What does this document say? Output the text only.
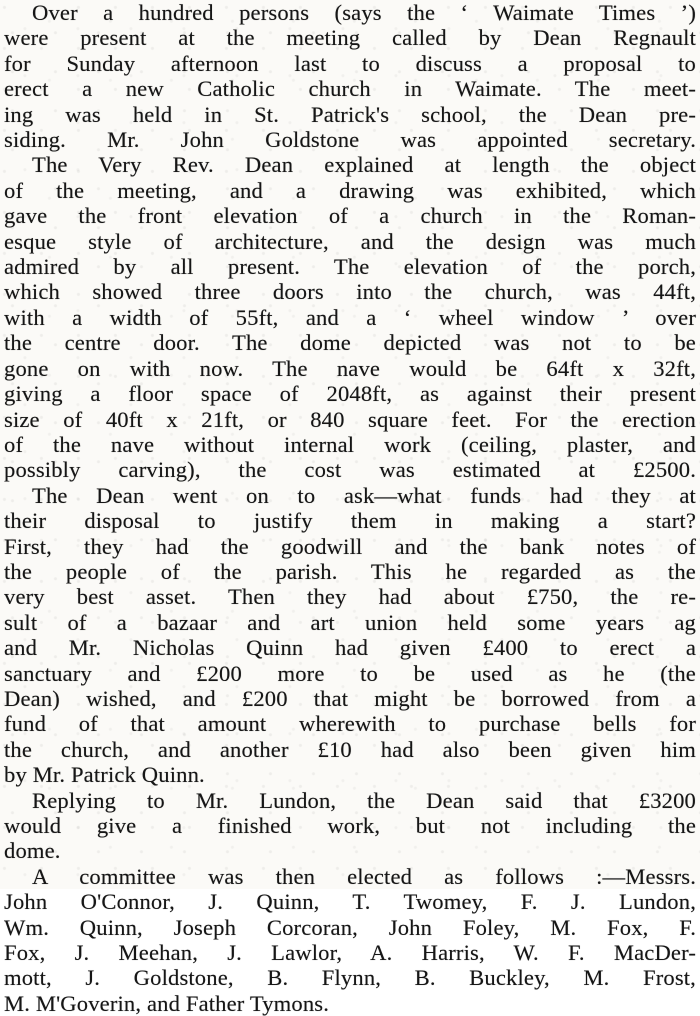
Over a hundred persons (says the ‘ Waimate Times ’)
were present at the meeting called by Dean Regnault
for Sunday afternoon last to discuss a proposal to
erect a new Catholic church in Waimate. The meet-
ing was held in St. Patrick's school, the Dean pre-
siding. Mr. John Goldstone was appointed secretary.

The Very Rev. Dean explained at length the object
of the meeting, and a drawing was exhibited, which
gave the front elevation of a church in the Roman-
esque style of architecture, and the design was much
admired by all present. The elevation of the porch,
which showed three doors into the church, was 44ft,
with a width of 55ft, and a ‘ wheel window ’ over
the centre door. The dome depicted was not to be
gone on with now. The nave would be 64ft x 32ft,
giving a floor space of 2048ft, as against their present
size of 40ft x 21ft, or 840 square feet. For the erection
of the nave without internal work (ceiling, plaster, and
possibly carving), the cost was estimated at £2500.

The Dean went on to ask—what funds had they at
their disposal to justify them in making a start?
First, they had the goodwill and the bank notes of
the people of the parish. This he regarded as the
very best asset. Then they had about £750, the re-
sult of a bazaar and art union held some years ag
and Mr. Nicholas Quinn had given £400 to erect a
sanctuary and £200 more to be used as he (the
Dean) wished, and £200 that might be borrowed from a
fund of that amount wherewith to purchase bells for
the church, and another £10 had also been given him
by Mr. Patrick Quinn.

Replying to Mr. Lundon, the Dean said that £3200
would give a finished work, but not including the
dome.

A committee was then elected as follows :—Messrs.
John O'Connor, J. Quinn, T. Twomey, F. J. Lundon,
Wm. Quinn, Joseph Corcoran, John Foley, M. Fox, F.
Fox, J. Meehan, J. Lawlor, A. Harris, W. F. MacDer-
mott, J. Goldstone, B. Flynn, B. Buckley, M. Frost,
M. M'Goverin, and Father Tymons.
